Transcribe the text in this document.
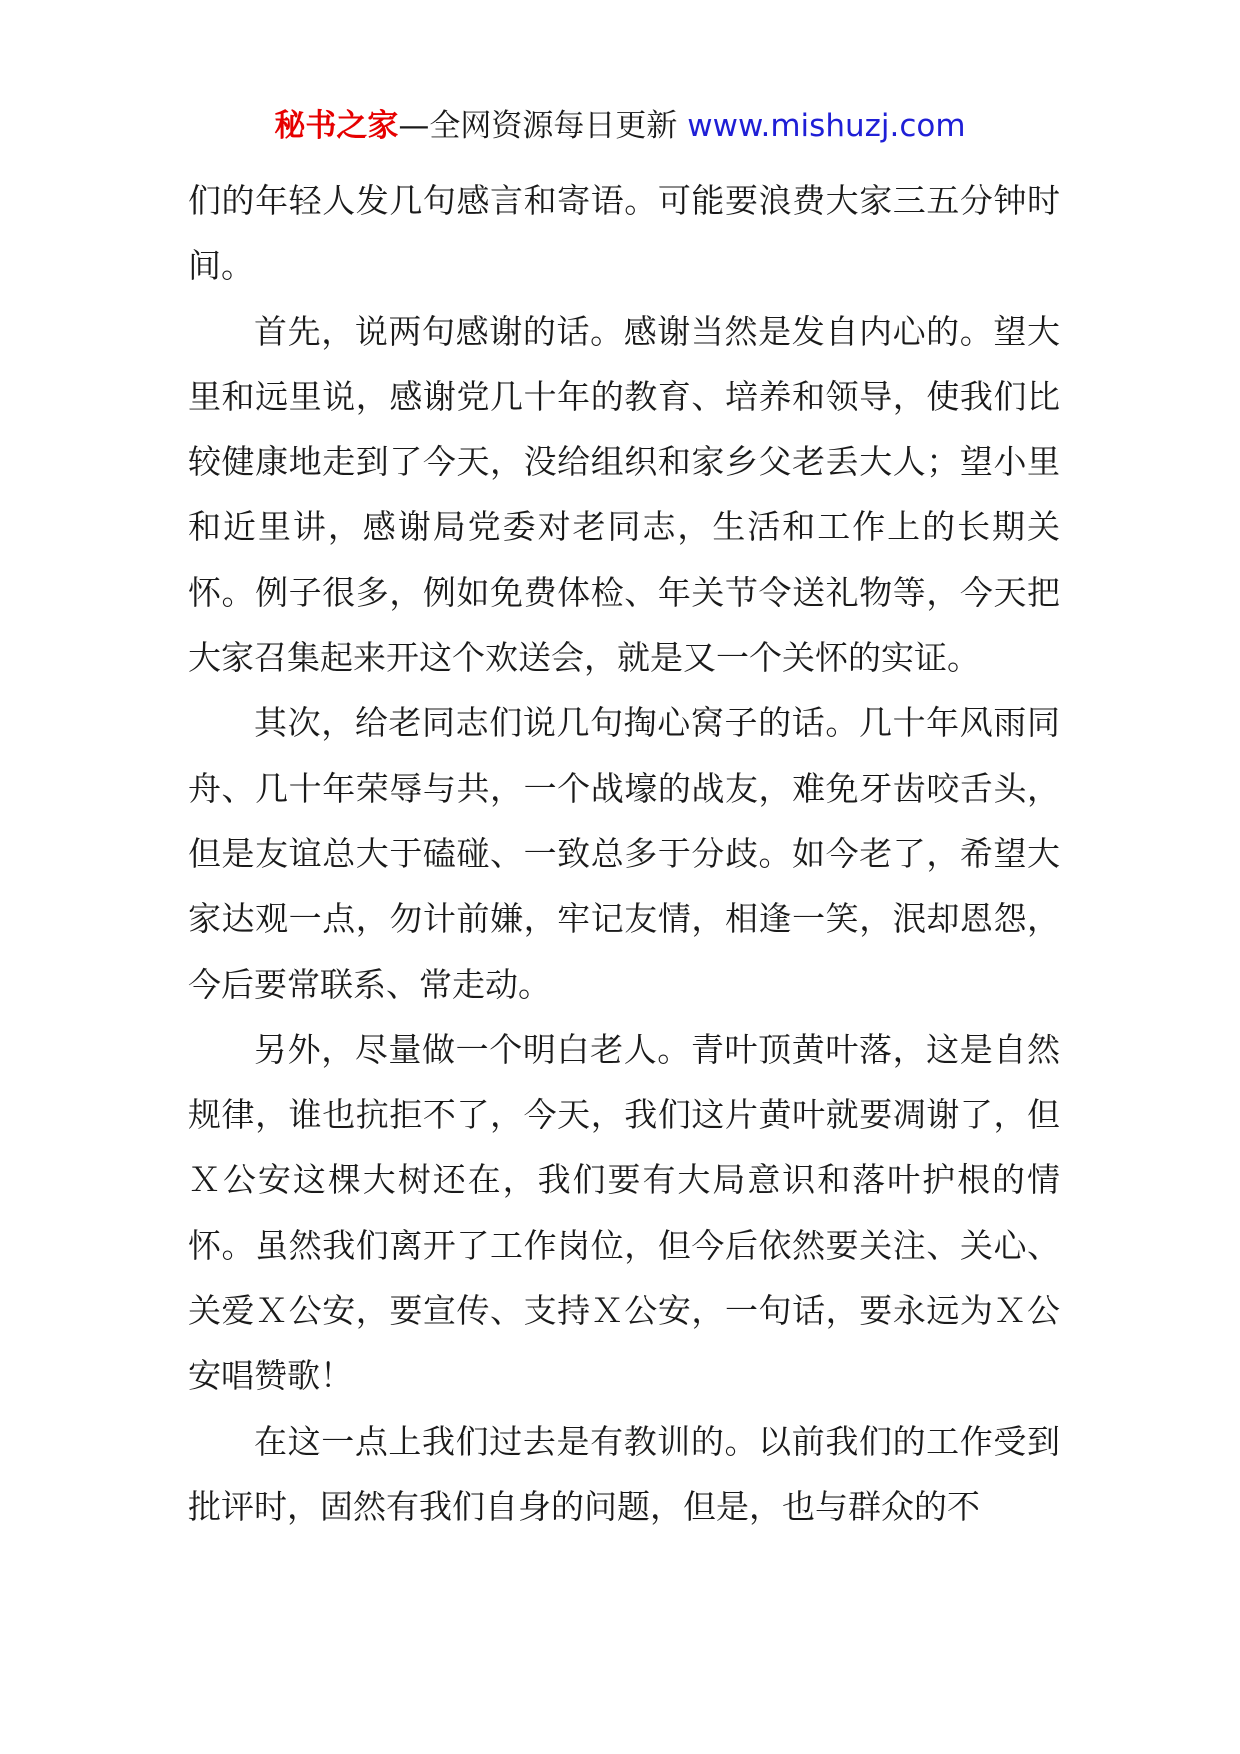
秘书之家—全网资源每日更新 www.mishuzj.com

们的年轻人发几句感言和寄语。可能要浪费大家三五分钟时间。

首先，说两句感谢的话。感谢当然是发自内心的。望大里和远里说，感谢党几十年的教育、培养和领导，使我们比较健康地走到了今天，没给组织和家乡父老丢大人；望小里和近里讲，感谢局党委对老同志，生活和工作上的长期关怀。例子很多，例如免费体检、年关节令送礼物等，今天把大家召集起来开这个欢送会，就是又一个关怀的实证。

其次，给老同志们说几句掏心窝子的话。几十年风雨同舟、几十年荣辱与共，一个战壕的战友，难免牙齿咬舌头，但是友谊总大于磕碰、一致总多于分歧。如今老了，希望大家达观一点，勿计前嫌，牢记友情，相逢一笑，泯却恩怨，今后要常联系、常走动。

另外，尽量做一个明白老人。青叶顶黄叶落，这是自然规律，谁也抗拒不了，今天，我们这片黄叶就要凋谢了，但Ｘ公安这棵大树还在，我们要有大局意识和落叶护根的情怀。虽然我们离开了工作岗位，但今后依然要关注、关心、关爱Ｘ公安，要宣传、支持Ｘ公安，一句话，要永远为Ｘ公安唱赞歌！

在这一点上我们过去是有教训的。以前我们的工作受到批评时，固然有我们自身的问题，但是，也与群众的不
